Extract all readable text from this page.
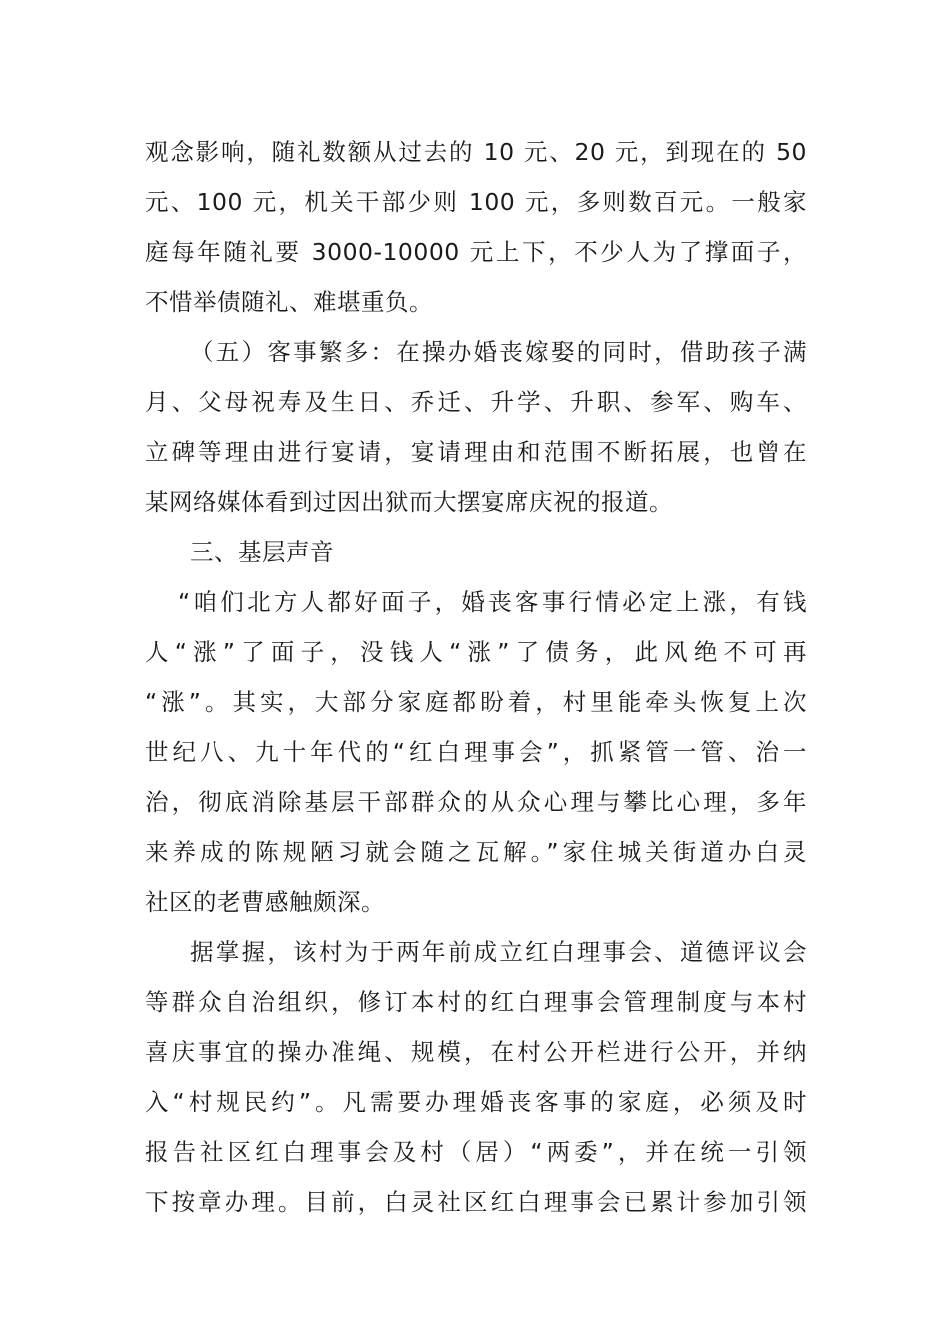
观念影响，随礼数额从过去的 10 元、20 元，到现在的 50
元、100 元，机关干部少则 100 元，多则数百元。一般家
庭每年随礼要 3000-10000 元上下，不少人为了撑面子，
不惜举债随礼、难堪重负。
（五）客事繁多：在操办婚丧嫁娶的同时，借助孩子满
月、父母祝寿及生日、乔迁、升学、升职、参军、购车、
立碑等理由进行宴请，宴请理由和范围不断拓展，也曾在
某网络媒体看到过因出狱而大摆宴席庆祝的报道。
三、基层声音
“咱们北方人都好面子，婚丧客事行情必定上涨，有钱
人“涨”了面子，没钱人“涨”了债务，此风绝不可再
“涨”。其实，大部分家庭都盼着，村里能牵头恢复上次
世纪八、九十年代的“红白理事会”，抓紧管一管、治一
治，彻底消除基层干部群众的从众心理与攀比心理，多年
来养成的陈规陋习就会随之瓦解。”家住城关街道办白灵
社区的老曹感触颇深。
据掌握，该村为于两年前成立红白理事会、道德评议会
等群众自治组织，修订本村的红白理事会管理制度与本村
喜庆事宜的操办准绳、规模，在村公开栏进行公开，并纳
入“村规民约”。凡需要办理婚丧客事的家庭，必须及时
报告社区红白理事会及村（居）“两委”，并在统一引领
下按章办理。目前，白灵社区红白理事会已累计参加引领
